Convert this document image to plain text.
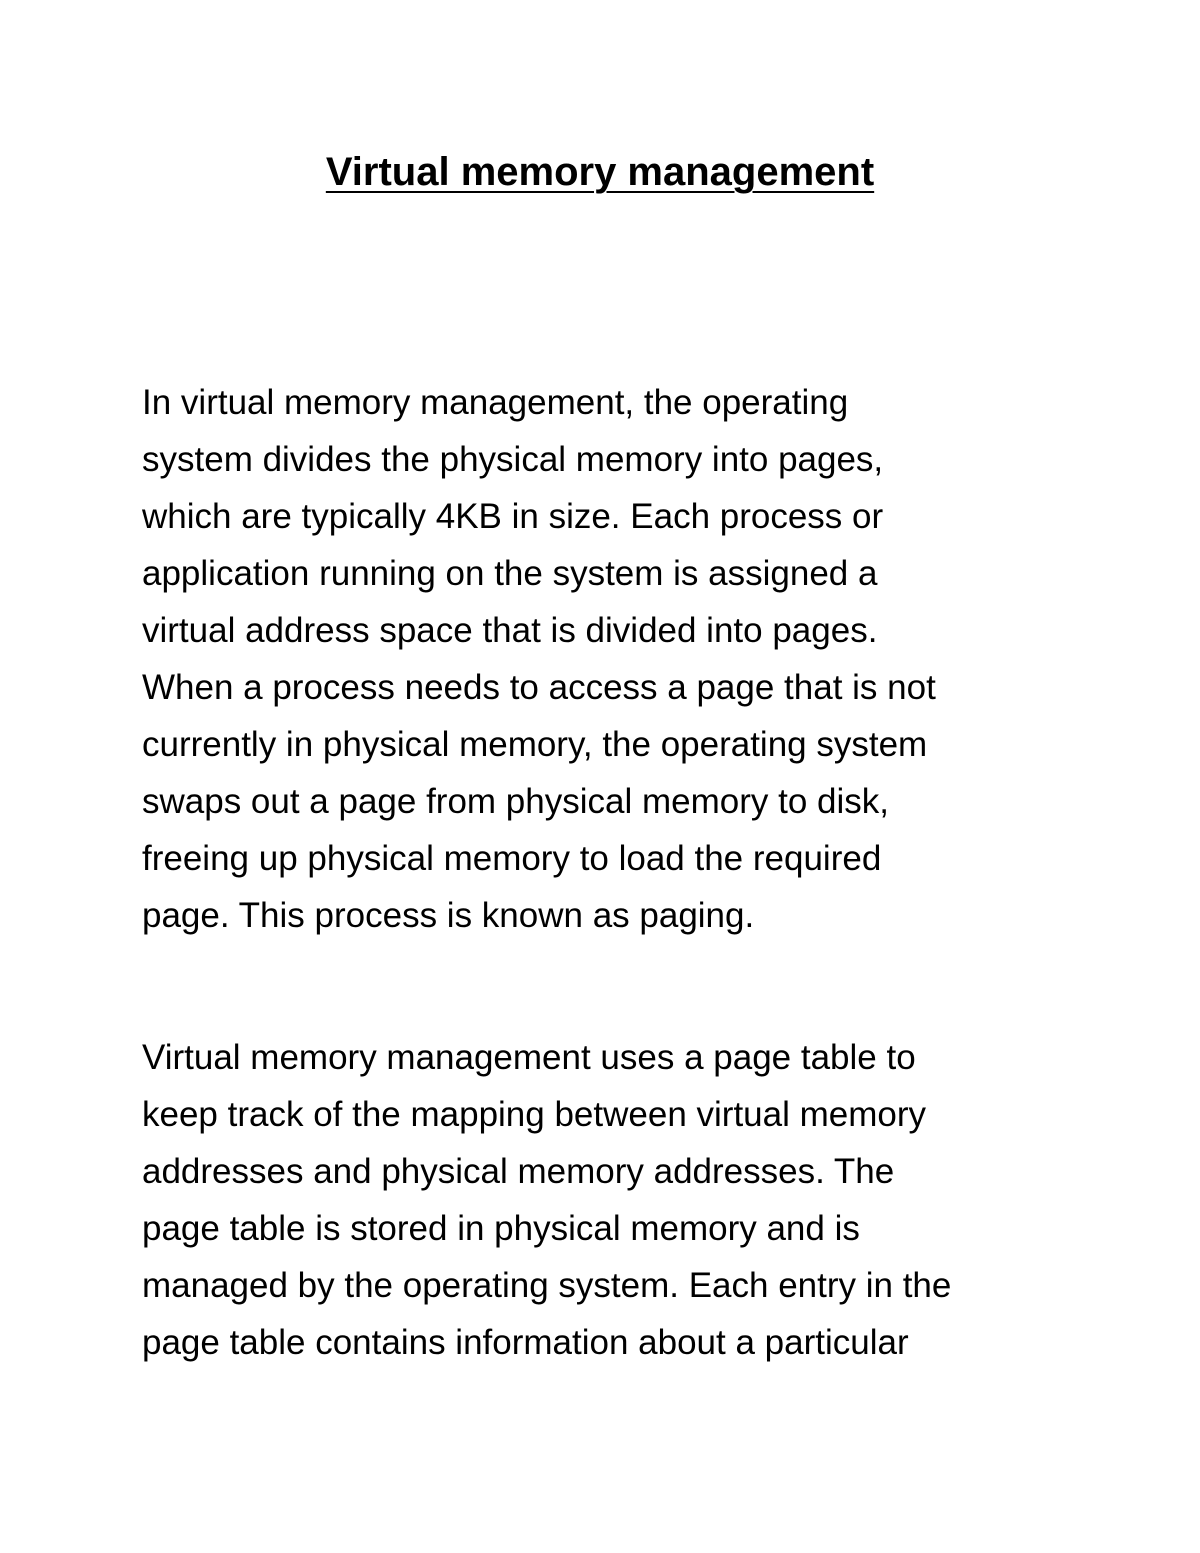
Virtual memory management

In virtual memory management, the operating
system divides the physical memory into pages,
which are typically 4KB in size. Each process or
application running on the system is assigned a
virtual address space that is divided into pages.
When a process needs to access a page that is not
currently in physical memory, the operating system
swaps out a page from physical memory to disk,
freeing up physical memory to load the required
page. This process is known as paging.

Virtual memory management uses a page table to
keep track of the mapping between virtual memory
addresses and physical memory addresses. The
page table is stored in physical memory and is
managed by the operating system. Each entry in the
page table contains information about a particular
